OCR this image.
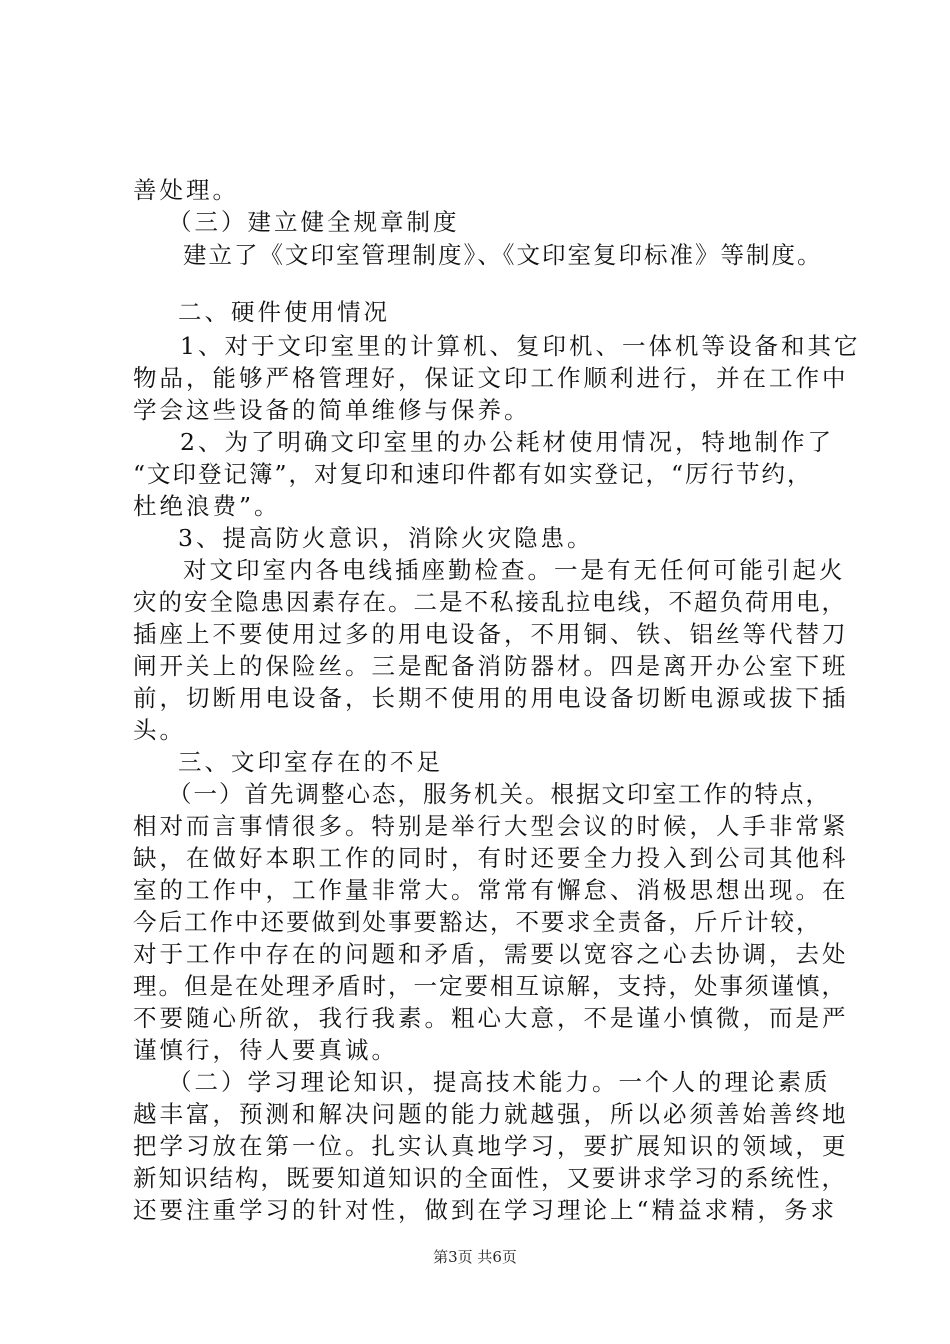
善处理。
（三）建立健全规章制度
建立了《文印室管理制度》、《文印室复印标准》等制度。
二、硬件使用情况
1、对于文印室里的计算机、复印机、一体机等设备和其它
物品，能够严格管理好，保证文印工作顺利进行，并在工作中
学会这些设备的简单维修与保养。
2、为了明确文印室里的办公耗材使用情况，特地制作了
“文印登记簿”，对复印和速印件都有如实登记，“厉行节约，
杜绝浪费”。
3、提高防火意识，消除火灾隐患。
对文印室内各电线插座勤检查。一是有无任何可能引起火
灾的安全隐患因素存在。二是不私接乱拉电线，不超负荷用电，
插座上不要使用过多的用电设备，不用铜、铁、铝丝等代替刀
闸开关上的保险丝。三是配备消防器材。四是离开办公室下班
前，切断用电设备，长期不使用的用电设备切断电源或拔下插
头。
三、文印室存在的不足
（一）首先调整心态，服务机关。根据文印室工作的特点，
相对而言事情很多。特别是举行大型会议的时候，人手非常紧
缺，在做好本职工作的同时，有时还要全力投入到公司其他科
室的工作中，工作量非常大。常常有懈怠、消极思想出现。在
今后工作中还要做到处事要豁达，不要求全责备，斤斤计较，
对于工作中存在的问题和矛盾，需要以宽容之心去协调，去处
理。但是在处理矛盾时，一定要相互谅解，支持，处事须谨慎，
不要随心所欲，我行我素。粗心大意，不是谨小慎微，而是严
谨慎行，待人要真诚。
（二）学习理论知识，提高技术能力。一个人的理论素质
越丰富，预测和解决问题的能力就越强，所以必须善始善终地
把学习放在第一位。扎实认真地学习，要扩展知识的领域，更
新知识结构，既要知道知识的全面性，又要讲求学习的系统性，
还要注重学习的针对性，做到在学习理论上“精益求精，务求
第3页 共6页
